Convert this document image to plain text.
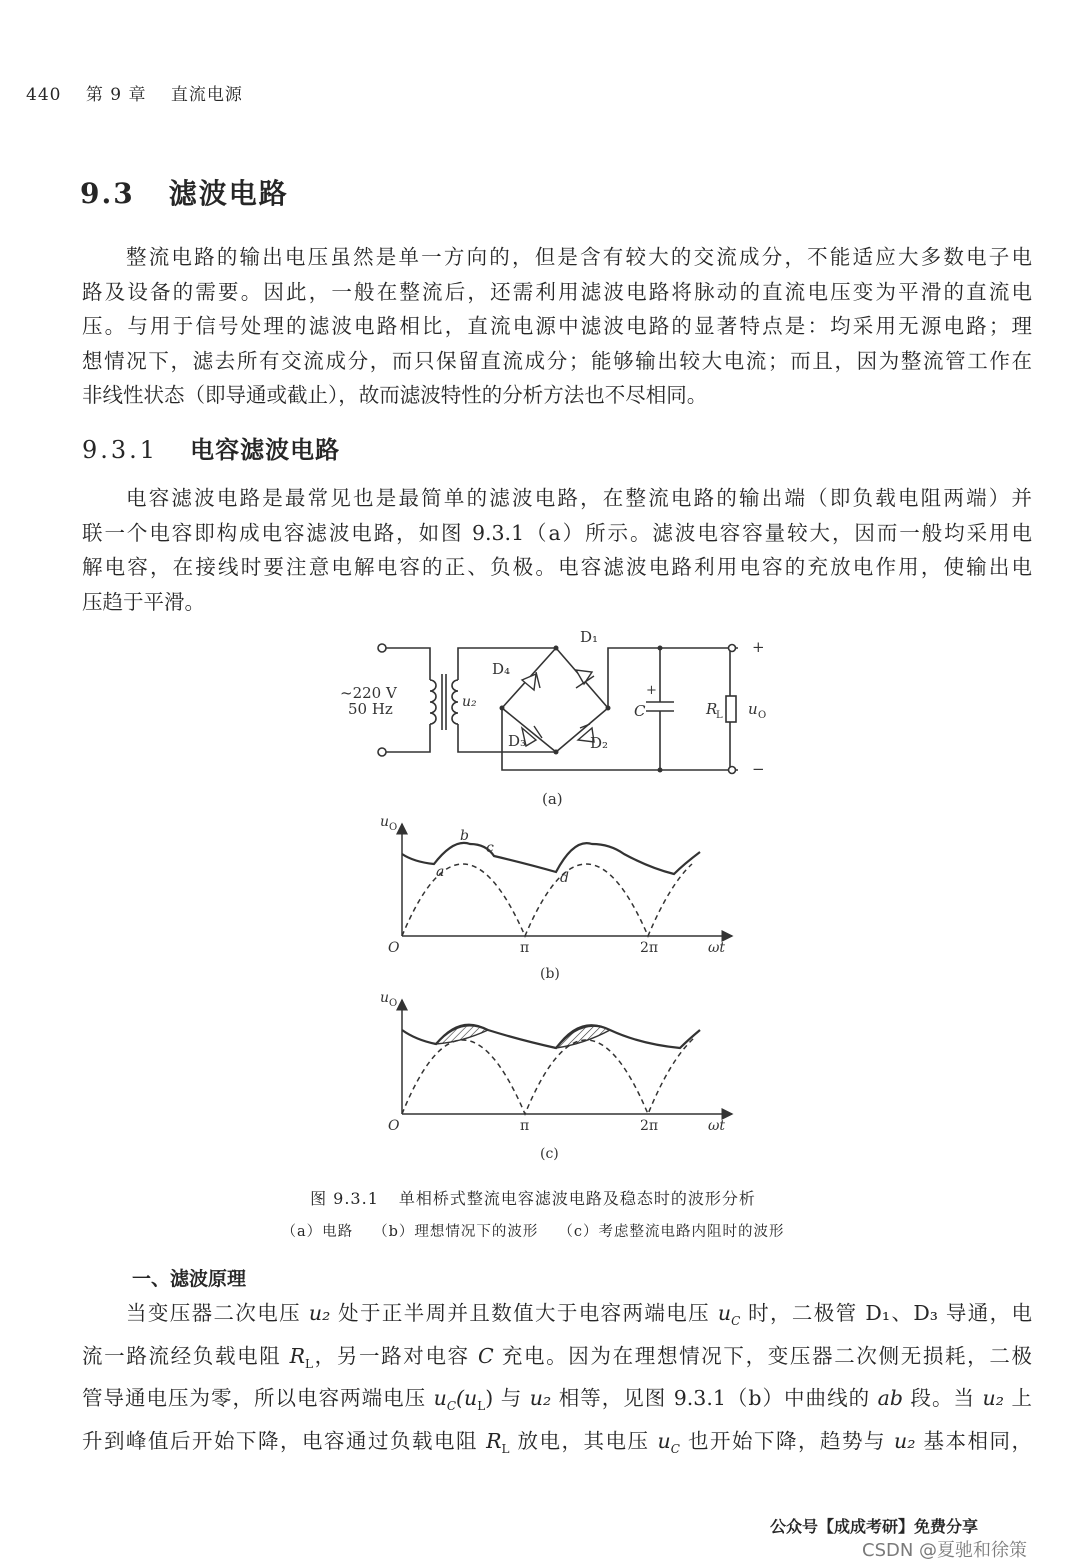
440 第 9 章 直流电源
9.3 滤波电路
整流电路的输出电压虽然是单一方向的，但是含有较大的交流成分，不能适应大多数电子电
路及设备的需要。因此，一般在整流后，还需利用滤波电路将脉动的直流电压变为平滑的直流电
压。与用于信号处理的滤波电路相比，直流电源中滤波电路的显著特点是：均采用无源电路；理
想情况下，滤去所有交流成分，而只保留直流成分；能够输出较大电流；而且，因为整流管工作在
非线性状态（即导通或截止），故而滤波特性的分析方法也不尽相同。
9.3.1 电容滤波电路
电容滤波电路是最常见也是最简单的滤波电路，在整流电路的输出端（即负载电阻两端）并
联一个电容即构成电容滤波电路，如图 9.3.1（a）所示。滤波电容容量较大，因而一般均采用电
解电容，在接线时要注意电解电容的正、负极。电容滤波电路利用电容的充放电作用，使输出电
压趋于平滑。
~220 V
50 Hz	u₂
D₁
D₂
D₃
D₄
+
C	R
L u O
+
−
(a)
u O
O	π	2π	ωt
a
b
c
d
(b)
u O
O	π	2π	ωt
(c)
图 9.3.1 单相桥式整流电容滤波电路及稳态时的波形分析
（a）电路 （b）理想情况下的波形 （c）考虑整流电路内阻时的波形
一、滤波原理
当变压器二次电压 u₂ 处于正半周并且数值大于电容两端电压 $u_C$ 时，二极管 D₁、D₃ 导通，电
流一路流经负载电阻 $R_L$，另一路对电容 C 充电。因为在理想情况下，变压器二次侧无损耗，二极
管导通电压为零，所以电容两端电压 $u_C(u_L)$ 与 u₂ 相等，见图 9.3.1（b）中曲线的 ab 段。当 u₂ 上
升到峰值后开始下降，电容通过负载电阻 $R_L$ 放电，其电压 $u_C$ 也开始下降，趋势与 u₂ 基本相同，
公众号【成成考研】免费分享
CSDN @夏驰和徐策
